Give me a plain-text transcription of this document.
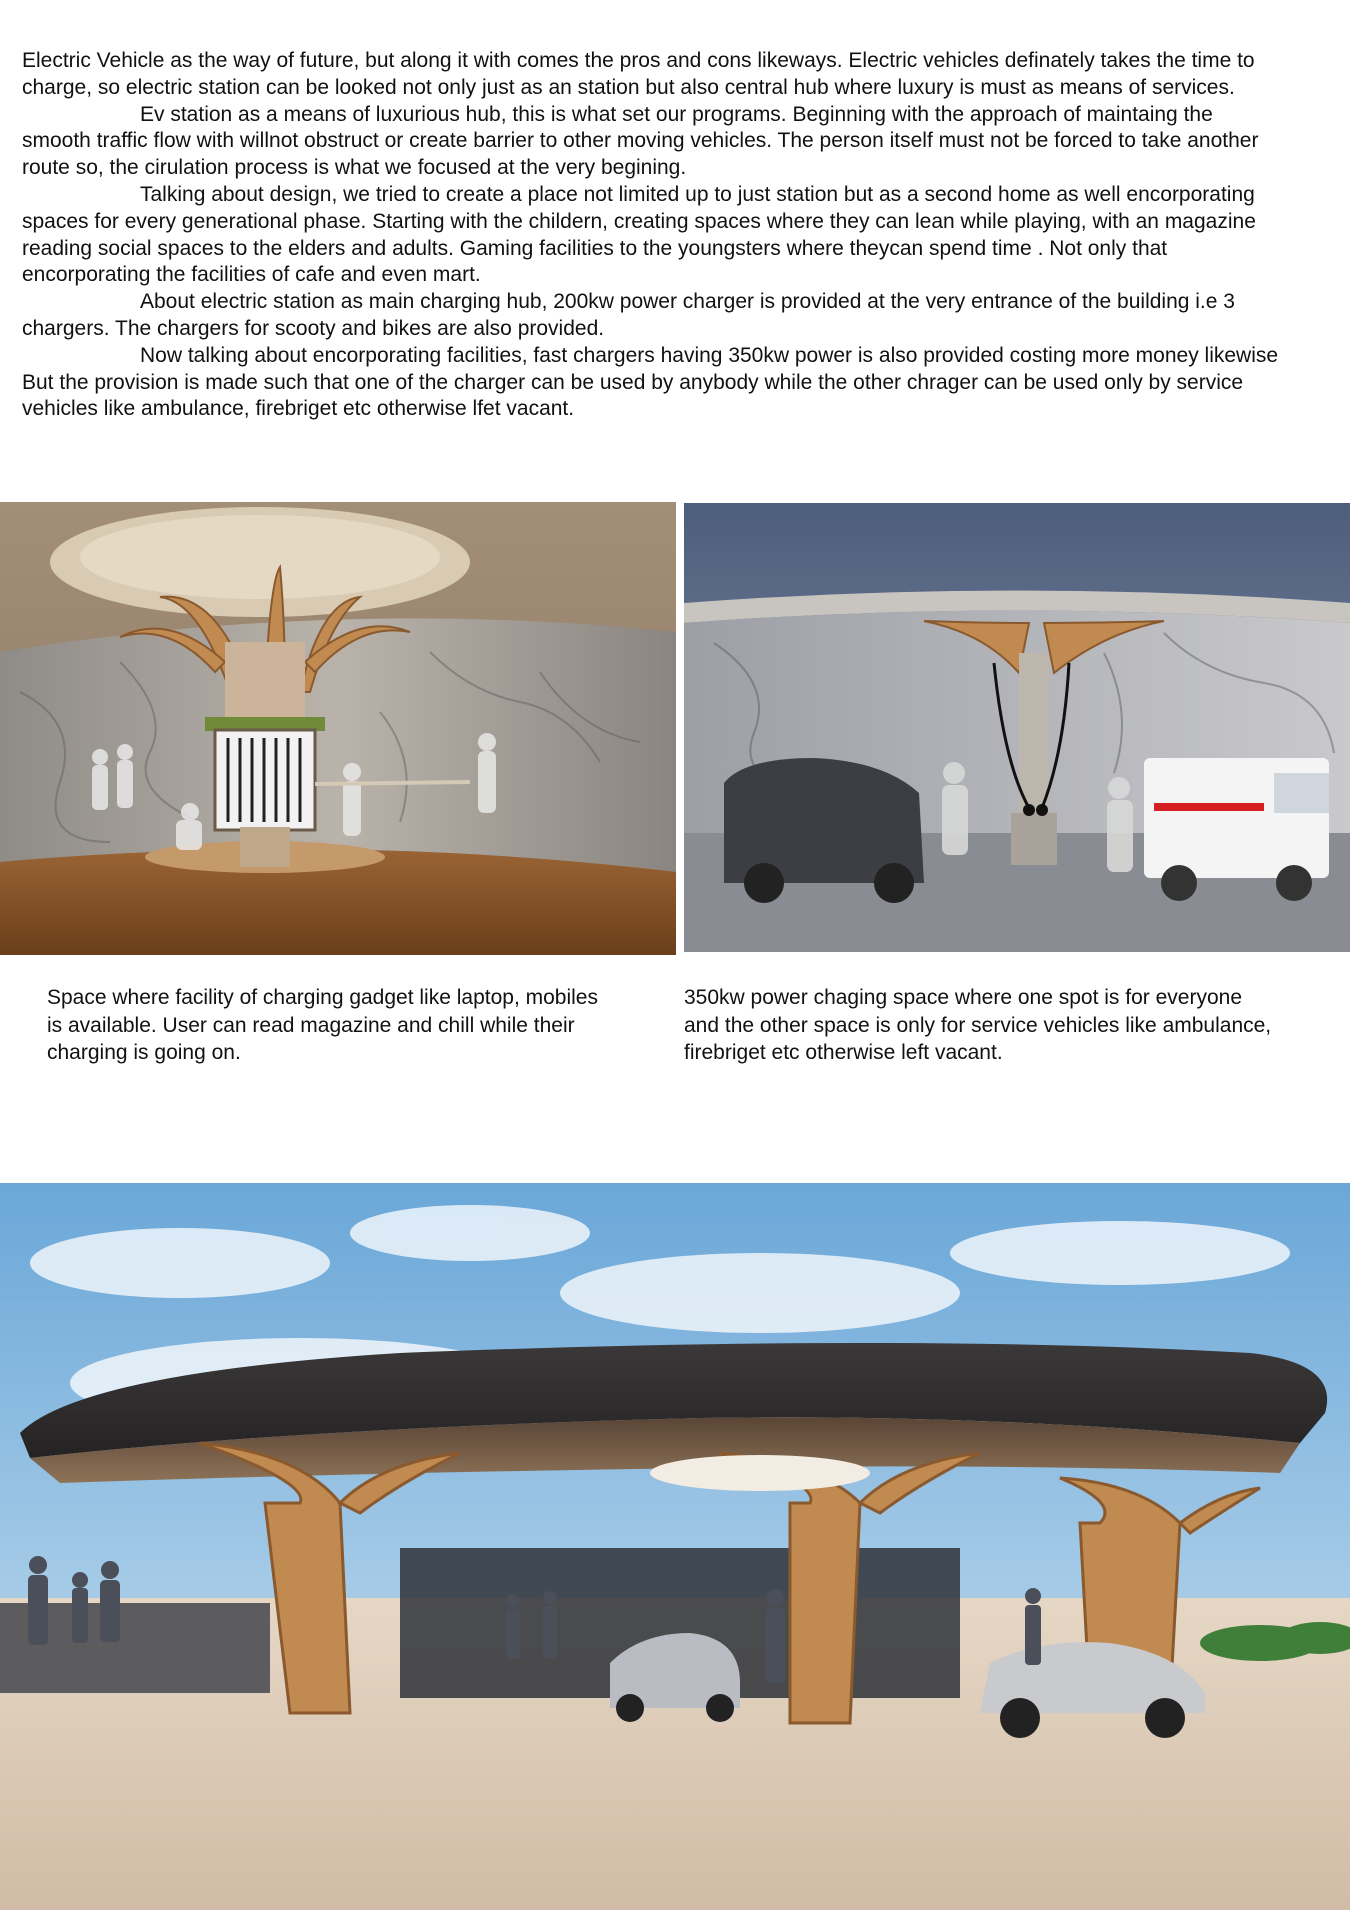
Electric Vehicle as the way of future, but along it with comes the pros and cons likeways. Electric vehicles definately takes the time to
charge, so electric station can be looked not only just as an station but also central hub where luxury is must as means of services.
Ev station as a means of luxurious hub, this is what set our programs. Beginning with the approach of maintaing the
smooth traffic flow with willnot obstruct or create barrier to other moving vehicles. The person itself must not be forced to take another
route so, the cirulation process is what we focused at the very begining.
Talking about design, we tried to create a place not limited up to just station but as a second home as well encorporating
spaces for every generational phase. Starting with the childern, creating spaces where they can lean while playing, with an magazine
reading social spaces to the elders and adults. Gaming facilities to the youngsters where theycan spend time . Not only that
encorporating the facilities of cafe and even mart.
About electric station as main charging hub, 200kw power charger is provided at the very entrance of the building i.e 3
chargers. The chargers for scooty and bikes are also provided.
Now talking about encorporating facilities, fast chargers having 350kw power is also provided costing more money likewise
But the provision is made such that one of the charger can be used by anybody while the other chrager can be used only by service
vehicles like ambulance, firebriget etc otherwise lfet vacant.
Space where facility of charging gadget like laptop, mobiles
is available. User can read magazine and chill while their
charging is going on.
350kw power chaging space where one spot is for everyone
and the other space is only for service vehicles like ambulance,
firebriget etc otherwise left vacant.
